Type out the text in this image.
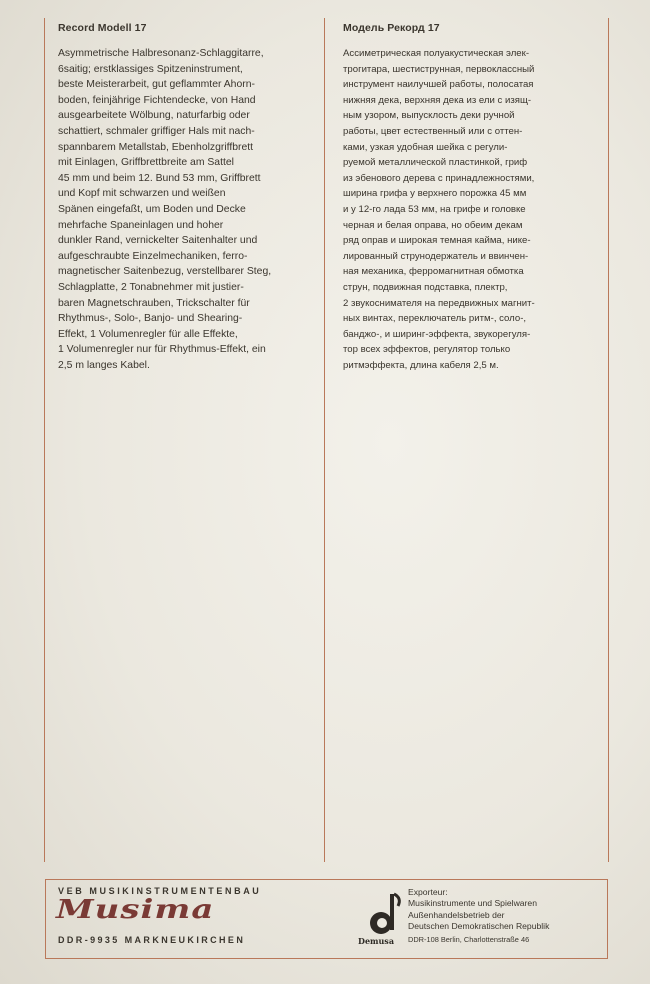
Record Modell 17

Asymmetrische Halbresonanz-Schlaggitarre,
6saitig; erstklassiges Spitzeninstrument,
beste Meisterarbeit, gut geflammter Ahorn-
boden, feinjährige Fichtendecke, von Hand
ausgearbeitete Wölbung, naturfarbig oder
schattiert, schmaler griffiger Hals mit nach-
spannbarem Metallstab, Ebenholzgriffbrett
mit Einlagen, Griffbrettbreite am Sattel
45 mm und beim 12. Bund 53 mm, Griffbrett
und Kopf mit schwarzen und weißen
Spänen eingefaßt, um Boden und Decke
mehrfache Spaneinlagen und hoher
dunkler Rand, vernickelter Saitenhalter und
aufgeschraubte Einzelmechaniken, ferro-
magnetischer Saitenbezug, verstellbarer Steg,
Schlagplatte, 2 Tonabnehmer mit justier-
baren Magnetschrauben, Trickschalter für
Rhythmus-, Solo-, Banjo- und Shearing-
Effekt, 1 Volumenregler für alle Effekte,
1 Volumenregler nur für Rhythmus-Effekt, ein
2,5 m langes Kabel.

Модель Рекорд 17

Ассиметрическая полуакустическая элек-
трогитара, шестиструнная, первоклассный
инструмент наилучшей работы, полосатая
нижняя дека, верхняя дека из ели с изящ-
ным узором, выпусклость деки ручной
работы, цвет естественный или с оттен-
ками, узкая удобная шейка с регули-
руемой металлической пластинкой, гриф
из эбенового дерева с принадлежностями,
ширина грифа у верхнего порожка 45 мм
и у 12-го лада 53 мм, на грифе и головке
черная и белая оправа, но обеим декам
ряд оправ и широкая темная кайма, нике-
лированный струнодержатель и ввинчен-
ная механика, ферромагнитная обмотка
струн, подвижная подставка, плектр,
2 звукоснимателя на передвижных магнит-
ных винтах, переключатель ритм-, соло-,
банджо-, и шиpинг-эффекта, звукорегуля-
тор всех эффектов, регулятор только
ритмэффекта, длина кабеля 2,5 м.

VEB MUSIKINSTRUMENTENBAU
Musima
DDR-9935 MARKNEUKIRCHEN	Demusa
Exporteur:
Musikinstrumente und Spielwaren
Außenhandelsbetrieb der
Deutschen Demokratischen Republik
DDR-108 Berlin, Charlottenstraße 46
